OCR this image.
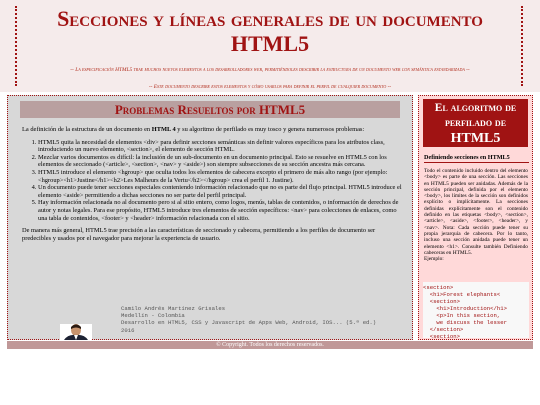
Secciones y líneas generales de un documento HTML5

-- La especificación HTML5 trae muchos nuevos elementos a los desarrolladores web, permitiéndoles describir la estructura de un documento web con semántica estandarizada --

-- Este documento describe estos elementos y cómo usarlos para definir el perfil de cualquier documento --

Problemas Resueltos por HTML5

La definición de la estructura de un documento en HTML 4 y su algoritmo de perfilado es muy tosco y genera numerosos problemas:

1. HTML5 quita la necesidad de elementos <div> para definir secciones semánticas sin definir valores específicos para los atributos class, introduciendo un nuevo elemento, <section>, el elemento de sección HTML.
2. Mezclar varios documentos es difícil: la inclusión de un sub-documento en un documento principal. Esto se resuelve en HTML5 con los elementos de seccionado (<article>, <section>, <nav> y <aside>) son siempre subsecciones de su sección ancestra más cercana.
3. HTML5 introduce el elemento <hgroup> que oculta todos los elementos de cabecera excepto el primero de más alto rango (por ejemplo: <hgroup><h1>Justine</h1><h2>Les Malheurs de la Vertu</h2></hgroup> crea el perfil 1. Justine).
4. Un documento puede tener secciones especiales conteniendo información relacionado que no es parte del flujo principal. HTML5 introduce el elemento <aside> permitiendo a dichas secciones no ser parte del perfil principal.
5. Hay información relacionada no al documento pero si al sitio entero, como logos, menús, tablas de contenidos, o información de derechos de autor y notas legales. Para ese propósito, HTML5 introduce tres elementos de sección específicos: <nav> para colecciones de enlaces, como una tabla de contenidos, <footer> y <header> información relacionada con el sitio.

De manera más general, HTML5 trae precisión a las características de seccionado y cabecera, permitiendo a los perfiles de documento ser predecibles y usados por el navegador para mejorar la experiencia de usuario.

Camilo Andrés Martínez Grisales
Medellín - Colombia
Desarrollo en HTML5, CSS y Javascript de Apps Web, Android, IOS... (5.ª ed.)
2016
El algoritmo de
perfilado de
HTML5
Definiendo secciones en HTML5
Todo el contenido incluido dentro del elemento <body> es parte de una sección. Las secciones en HTML5 pueden ser anidadas. Además de la sección principal, definida por el elemento <body>, los límites de la sección son definidos explícito o implícitamente. La secciones definidas explícitamente son el contenido definido en las etiquetas <body>, <section>, <article>, <aside>, <footer>, <header>, y <nav>. Nota: Cada sección puede tener su propia jerarquía de cabecera. Por lo tanto, incluso una sección anidada puede tener un elemento <h1>. Consulte también Definiendo cabeceras en HTML5.
Ejemplo:
<section>
<h1>Forest elephants<
<section>
<h1>Introduction</h1>
<p>In this section,
we discuss the lesser
</section>
<section>
© Copyright. Todos los derechos reservados.
